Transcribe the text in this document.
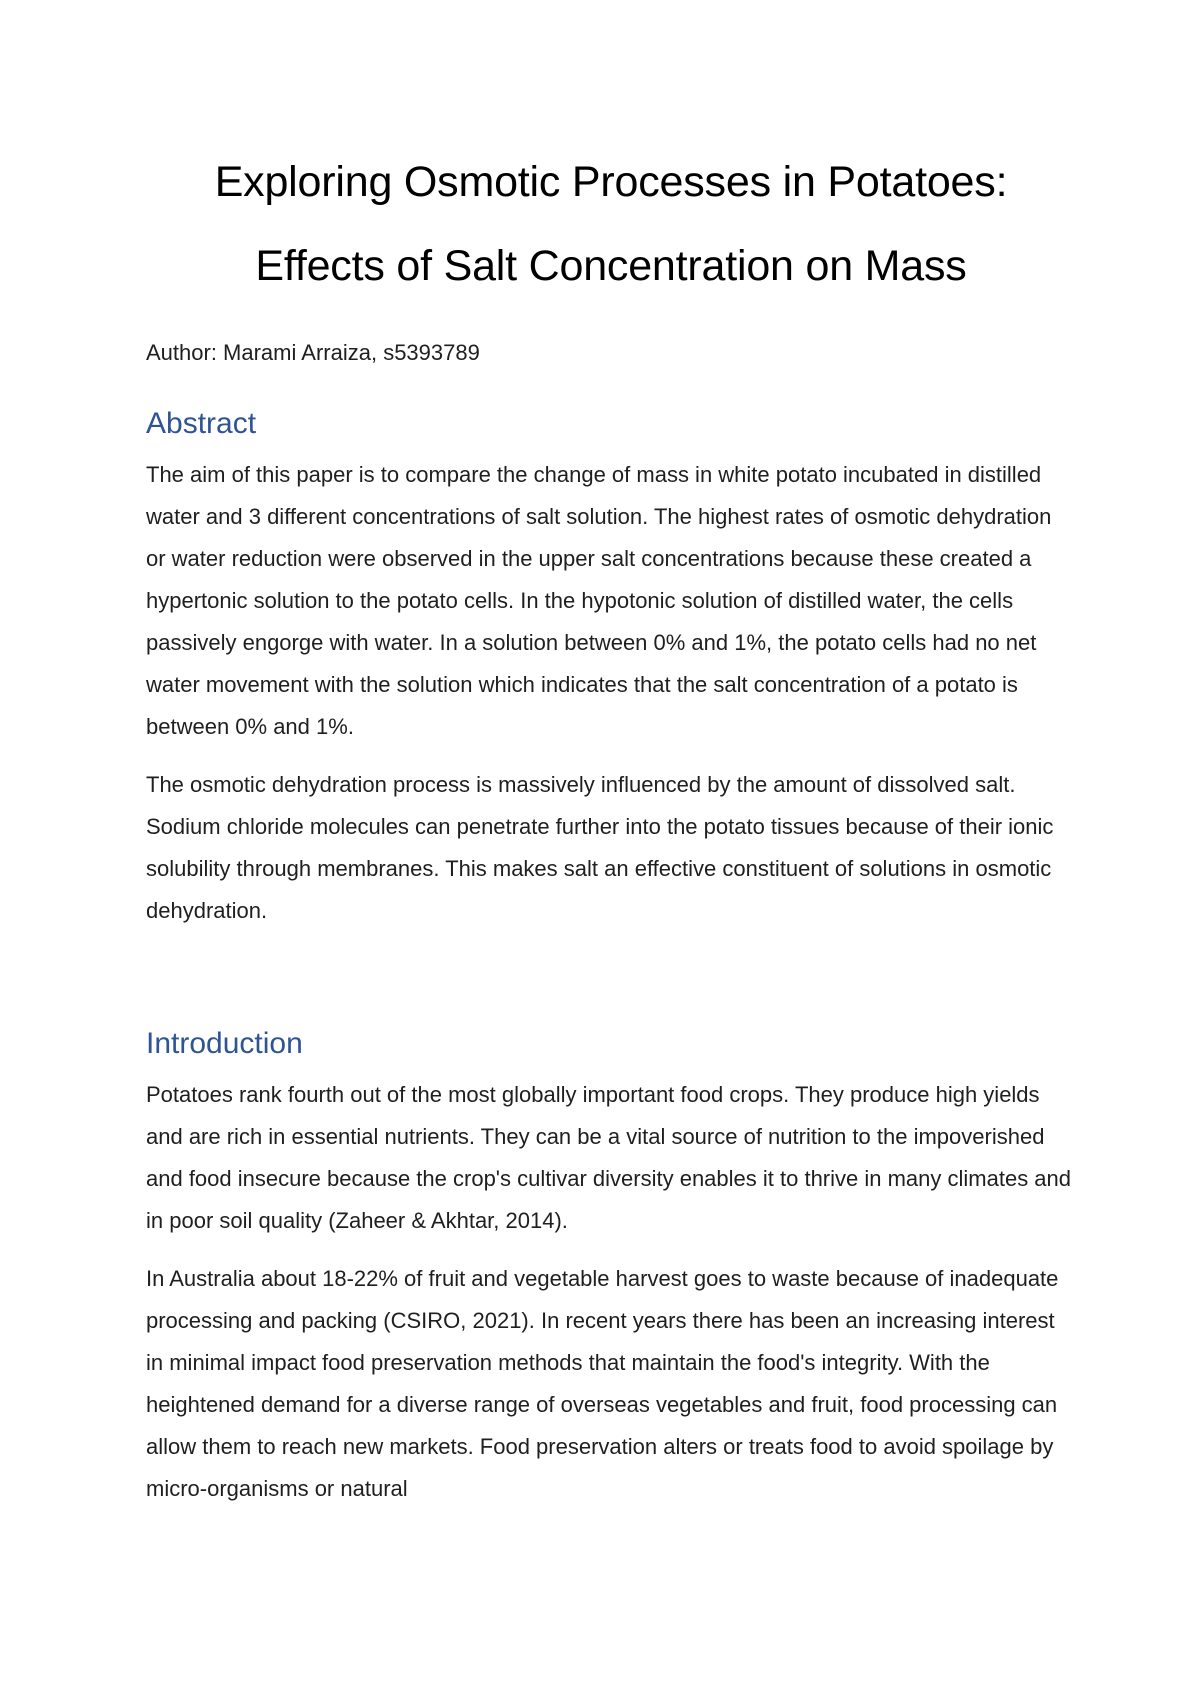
Exploring Osmotic Processes in Potatoes:
Effects of Salt Concentration on Mass

Author: Marami Arraiza, s5393789

Abstract

The aim of this paper is to compare the change of mass in white potato incubated in distilled water and 3 different concentrations of salt solution. The highest rates of osmotic dehydration or water reduction were observed in the upper salt concentrations because these created a hypertonic solution to the potato cells. In the hypotonic solution of distilled water, the cells passively engorge with water. In a solution between 0% and 1%, the potato cells had no net water movement with the solution which indicates that the salt concentration of a potato is between 0% and 1%.

The osmotic dehydration process is massively influenced by the amount of dissolved salt. Sodium chloride molecules can penetrate further into the potato tissues because of their ionic solubility through membranes. This makes salt an effective constituent of solutions in osmotic dehydration.

Introduction

Potatoes rank fourth out of the most globally important food crops. They produce high yields and are rich in essential nutrients. They can be a vital source of nutrition to the impoverished and food insecure because the crop's cultivar diversity enables it to thrive in many climates and in poor soil quality (Zaheer & Akhtar, 2014).

In Australia about 18-22% of fruit and vegetable harvest goes to waste because of inadequate processing and packing (CSIRO, 2021). In recent years there has been an increasing interest in minimal impact food preservation methods that maintain the food's integrity. With the heightened demand for a diverse range of overseas vegetables and fruit, food processing can allow them to reach new markets. Food preservation alters or treats food to avoid spoilage by micro-organisms or natural
